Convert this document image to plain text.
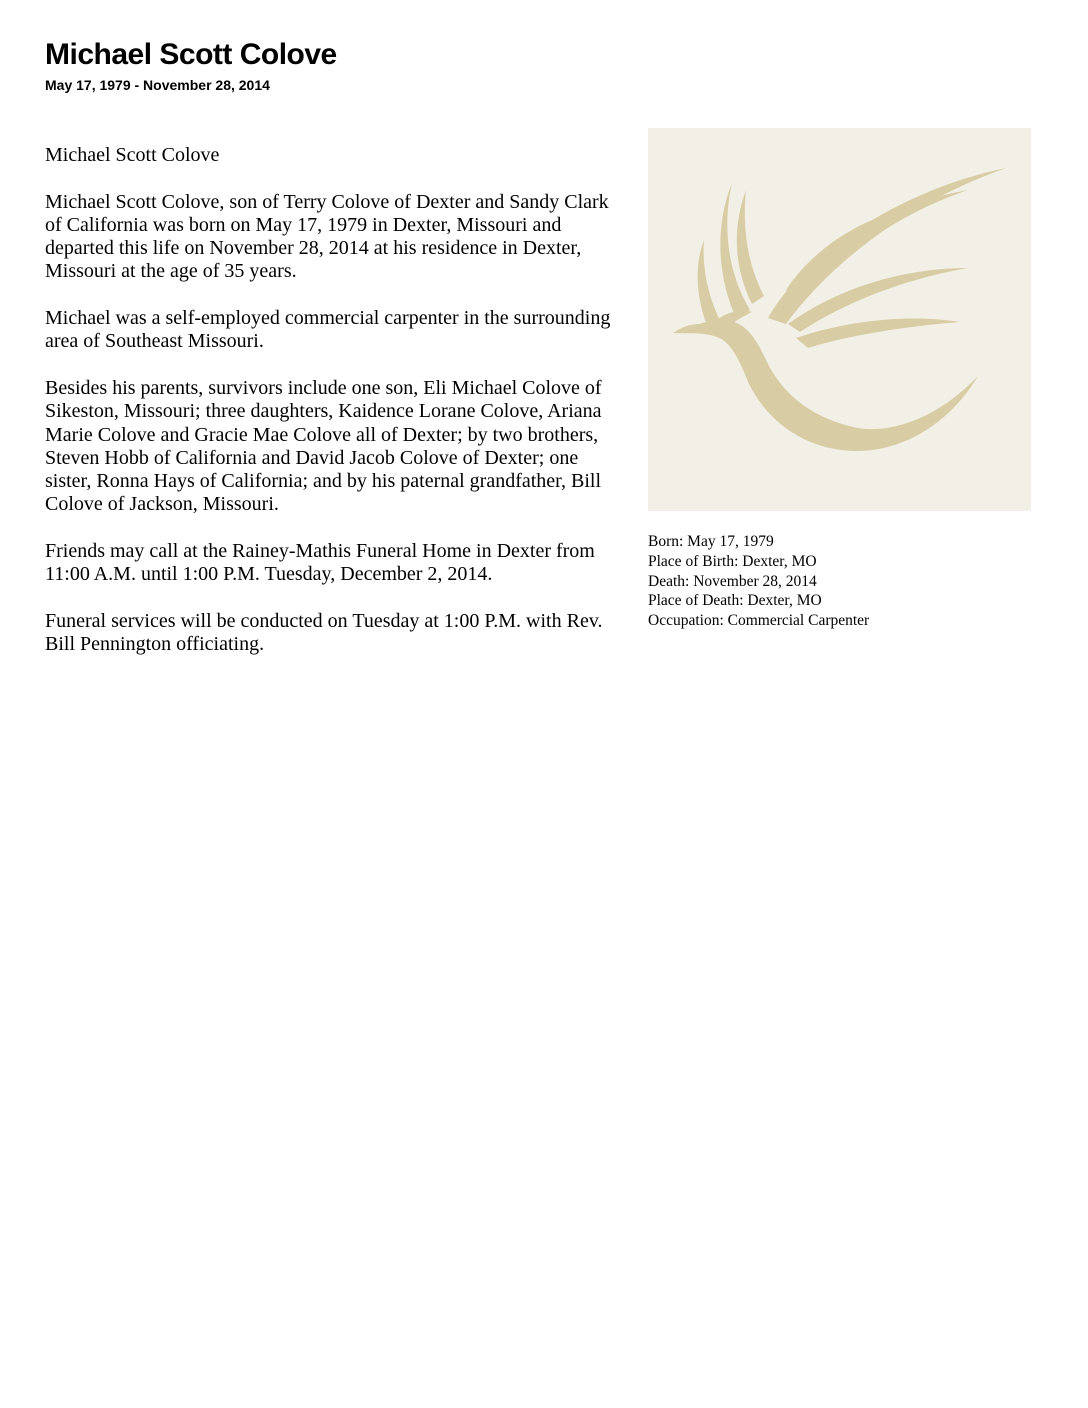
Michael Scott Colove
May 17, 1979 - November 28, 2014

Michael Scott Colove

Michael Scott Colove, son of Terry Colove of Dexter and Sandy Clark of California was born on May 17, 1979 in Dexter, Missouri and departed this life on November 28, 2014 at his residence in Dexter, Missouri at the age of 35 years.

Michael was a self-employed commercial carpenter in the surrounding area of Southeast Missouri.

Besides his parents, survivors include one son, Eli Michael Colove of Sikeston, Missouri; three daughters, Kaidence Lorane Colove, Ariana Marie Colove and Gracie Mae Colove all of Dexter; by two brothers, Steven Hobb of California and David Jacob Colove of Dexter; one sister, Ronna Hays of California; and by his paternal grandfather, Bill Colove of Jackson, Missouri.

Friends may call at the Rainey-Mathis Funeral Home in Dexter from 11:00 A.M. until 1:00 P.M. Tuesday, December 2, 2014.

Funeral services will be conducted on Tuesday at 1:00 P.M. with Rev. Bill Pennington officiating.

Born: May 17, 1979
Place of Birth: Dexter, MO
Death: November 28, 2014
Place of Death: Dexter, MO
Occupation: Commercial Carpenter
